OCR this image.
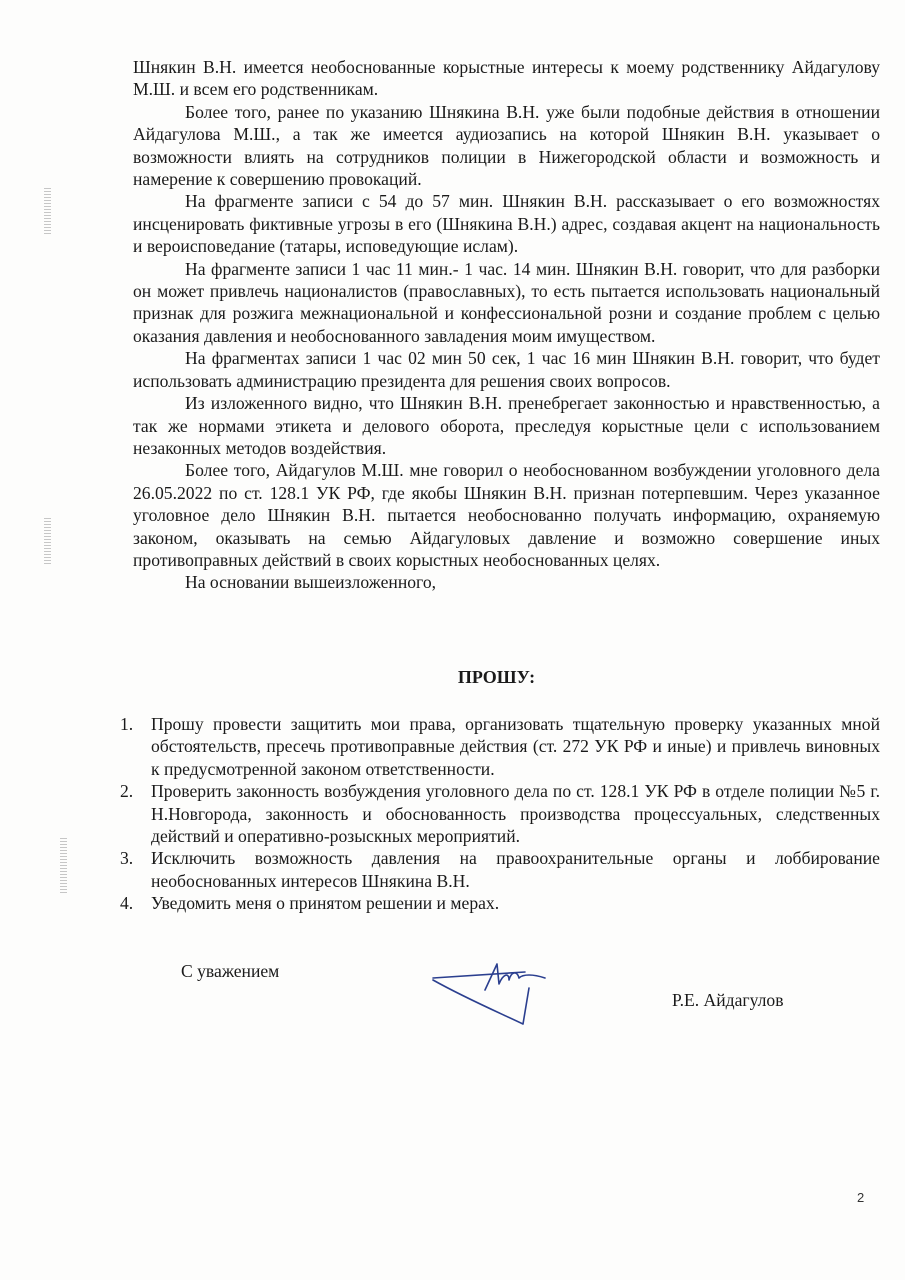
Шнякин В.Н. имеется необоснованные корыстные интересы к моему родственнику Айдагулову М.Ш. и всем его родственникам.

Более того, ранее по указанию Шнякина В.Н. уже были подобные действия в отношении Айдагулова М.Ш., а так же имеется аудиозапись на которой Шнякин В.Н. указывает о возможности влиять на сотрудников полиции в Нижегородской области и возможность и намерение к совершению провокаций.

На фрагменте записи с 54 до 57 мин. Шнякин В.Н. рассказывает о его возможностях инсценировать фиктивные угрозы в его (Шнякина В.Н.) адрес, создавая акцент на национальность и вероисповедание (татары, исповедующие ислам).

На фрагменте записи 1 час 11 мин.- 1 час. 14 мин. Шнякин В.Н. говорит, что для разборки он может привлечь националистов (православных), то есть пытается использовать национальный признак для розжига межнациональной и конфессиональной розни и создание проблем с целью оказания давления и необоснованного завладения моим имуществом.

На фрагментах записи 1 час 02 мин 50 сек, 1 час 16 мин Шнякин В.Н. говорит, что будет использовать администрацию президента для решения своих вопросов.

Из изложенного видно, что Шнякин В.Н. пренебрегает законностью и нравственностью, а так же нормами этикета и делового оборота, преследуя корыстные цели с использованием незаконных методов воздействия.

Более того, Айдагулов М.Ш. мне говорил о необоснованном возбуждении уголовного дела 26.05.2022 по ст. 128.1 УК РФ, где якобы Шнякин В.Н. признан потерпевшим. Через указанное уголовное дело Шнякин В.Н. пытается необоснованно получать информацию, охраняемую законом, оказывать на семью Айдагуловых давление и возможно совершение иных противоправных действий в своих корыстных необоснованных целях.

На основании вышеизложенного,

ПРОШУ:
1. Прошу провести защитить мои права, организовать тщательную проверку указанных мной обстоятельств, пресечь противоправные действия (ст. 272 УК РФ и иные) и привлечь виновных к предусмотренной законом ответственности.
2. Проверить законность возбуждения уголовного дела по ст. 128.1 УК РФ в отделе полиции №5 г. Н.Новгорода, законность и обоснованность производства процессуальных, следственных действий и оперативно-розыскных мероприятий.
3. Исключить возможность давления на правоохранительные органы и лоббирование необоснованных интересов Шнякина В.Н.
4. Уведомить меня о принятом решении и мерах.
С уважением
Р.Е. Айдагулов
2
